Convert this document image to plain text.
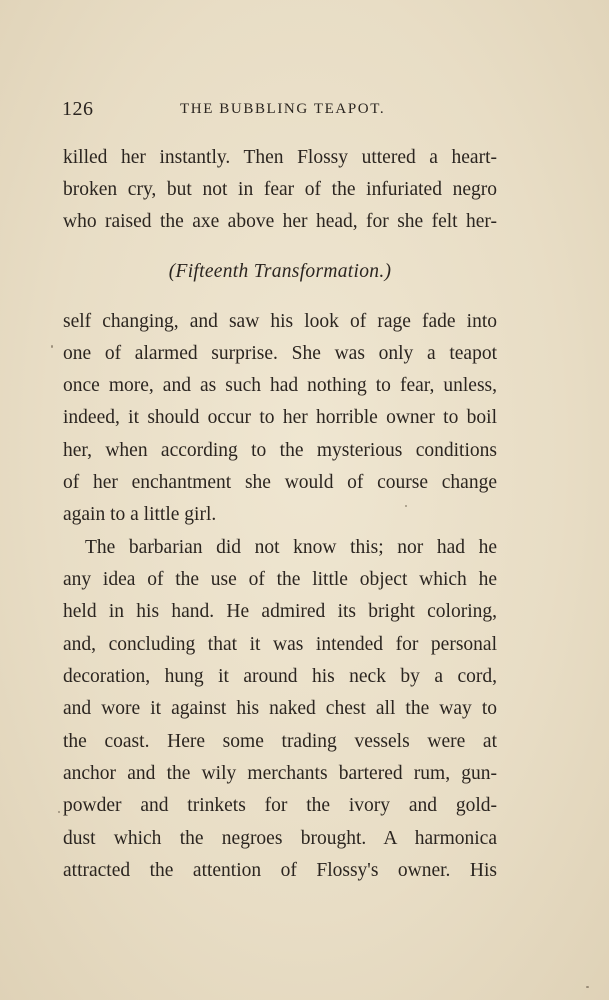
126	THE BUBBLING TEAPOT.
killed her instantly. Then Flossy uttered a heart-
broken cry, but not in fear of the infuriated negro
who raised the axe above her head, for she felt her-
(Fifteenth Transformation.)
self changing, and saw his look of rage fade into
one of alarmed surprise. She was only a teapot
once more, and as such had nothing to fear, unless,
indeed, it should occur to her horrible owner to boil
her, when according to the mysterious conditions
of her enchantment she would of course change
again to a little girl.
The barbarian did not know this; nor had he
any idea of the use of the little object which he
held in his hand. He admired its bright coloring,
and, concluding that it was intended for personal
decoration, hung it around his neck by a cord,
and wore it against his naked chest all the way to
the coast. Here some trading vessels were at
anchor and the wily merchants bartered rum, gun-
powder and trinkets for the ivory and gold-
dust which the negroes brought. A harmonica
attracted the attention of Flossy's owner. His
